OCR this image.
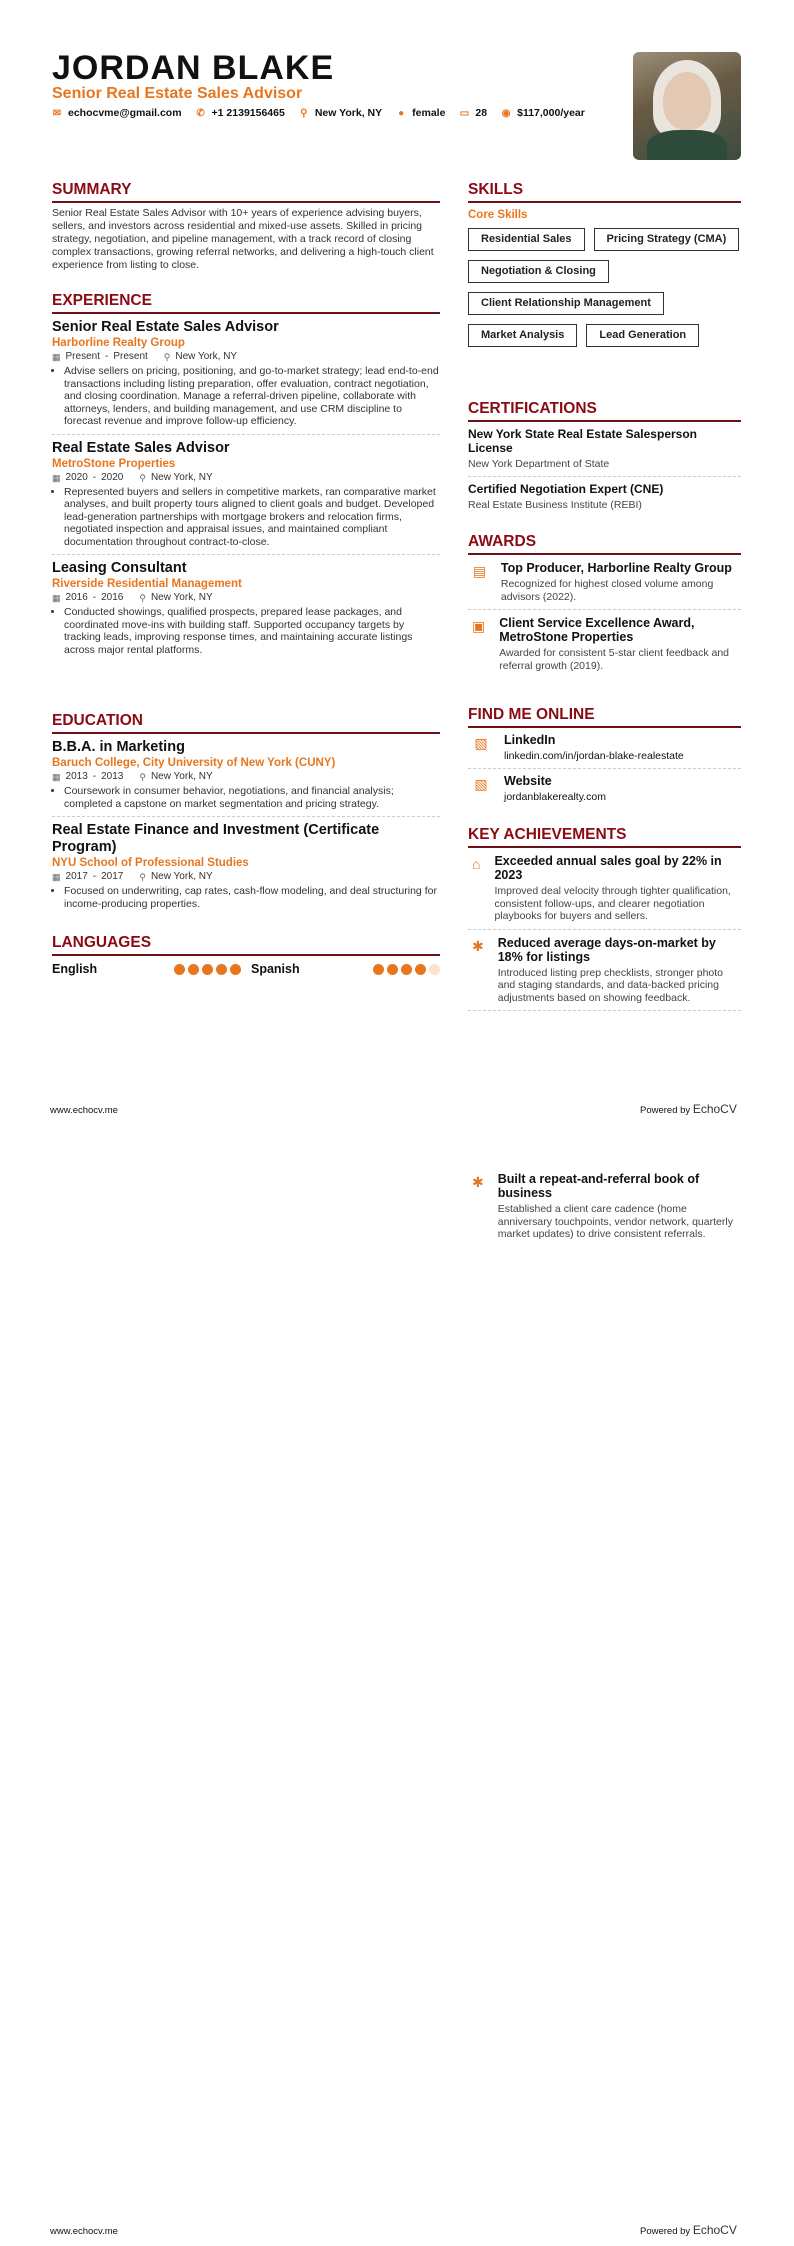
JORDAN BLAKE
Senior Real Estate Sales Advisor
✉ echocvme@gmail.com ✆ +1 2139156465 ⚲ New York, NY ● female ▭ 28 ◉ $117,000/year
SUMMARY
Senior Real Estate Sales Advisor with 10+ years of experience advising buyers, sellers, and investors across residential and mixed-use assets. Skilled in pricing strategy, negotiation, and pipeline management, with a track record of closing complex transactions, growing referral networks, and delivering a high-touch client experience from listing to close.
EXPERIENCE
Senior Real Estate Sales Advisor
Harborline Realty Group
▦ Present - Present ⚲ New York, NY
• Advise sellers on pricing, positioning, and go-to-market strategy; lead end-to-end transactions including listing preparation, offer evaluation, contract negotiation, and closing coordination. Manage a referral-driven pipeline, collaborate with attorneys, lenders, and building management, and use CRM discipline to forecast revenue and improve follow-up efficiency.
Real Estate Sales Advisor
MetroStone Properties
▦ 2020 - 2020 ⚲ New York, NY
• Represented buyers and sellers in competitive markets, ran comparative market analyses, and built property tours aligned to client goals and budget. Developed lead-generation partnerships with mortgage brokers and relocation firms, negotiated inspection and appraisal issues, and maintained compliant documentation throughout contract-to-close.
Leasing Consultant
Riverside Residential Management
▦ 2016 - 2016 ⚲ New York, NY
• Conducted showings, qualified prospects, prepared lease packages, and coordinated move-ins with building staff. Supported occupancy targets by tracking leads, improving response times, and maintaining accurate listings across major rental platforms.
EDUCATION
B.B.A. in Marketing
Baruch College, City University of New York (CUNY)
▦ 2013 - 2013 ⚲ New York, NY
• Coursework in consumer behavior, negotiations, and financial analysis; completed a capstone on market segmentation and pricing strategy.
Real Estate Finance and Investment (Certificate Program)
NYU School of Professional Studies
▦ 2017 - 2017 ⚲ New York, NY
• Focused on underwriting, cap rates, cash-flow modeling, and deal structuring for income-producing properties.
LANGUAGES
English	Spanish
SKILLS
Core Skills
Residential Sales	Pricing Strategy (CMA)
Negotiation & Closing
Client Relationship Management
Market Analysis	Lead Generation
CERTIFICATIONS
New York State Real Estate Salesperson License
New York Department of State
Certified Negotiation Expert (CNE)
Real Estate Business Institute (REBI)
AWARDS
▤ Top Producer, Harborline Realty Group
Recognized for highest closed volume among advisors (2022).
▣ Client Service Excellence Award, MetroStone Properties
Awarded for consistent 5-star client feedback and referral growth (2019).
FIND ME ONLINE
▧ LinkedIn
linkedin.com/in/jordan-blake-realestate
▧ Website
jordanblakerealty.com
KEY ACHIEVEMENTS
⌂ Exceeded annual sales goal by 22% in 2023
Improved deal velocity through tighter qualification, consistent follow-ups, and clearer negotiation playbooks for buyers and sellers.
✱ Reduced average days-on-market by 18% for listings
Introduced listing prep checklists, stronger photo and staging standards, and data-backed pricing adjustments based on showing feedback.
www.echocv.me	Powered by EchoCV
✱ Built a repeat-and-referral book of business
Established a client care cadence (home anniversary touchpoints, vendor network, quarterly market updates) to drive consistent referrals.
www.echocv.me	Powered by EchoCV
